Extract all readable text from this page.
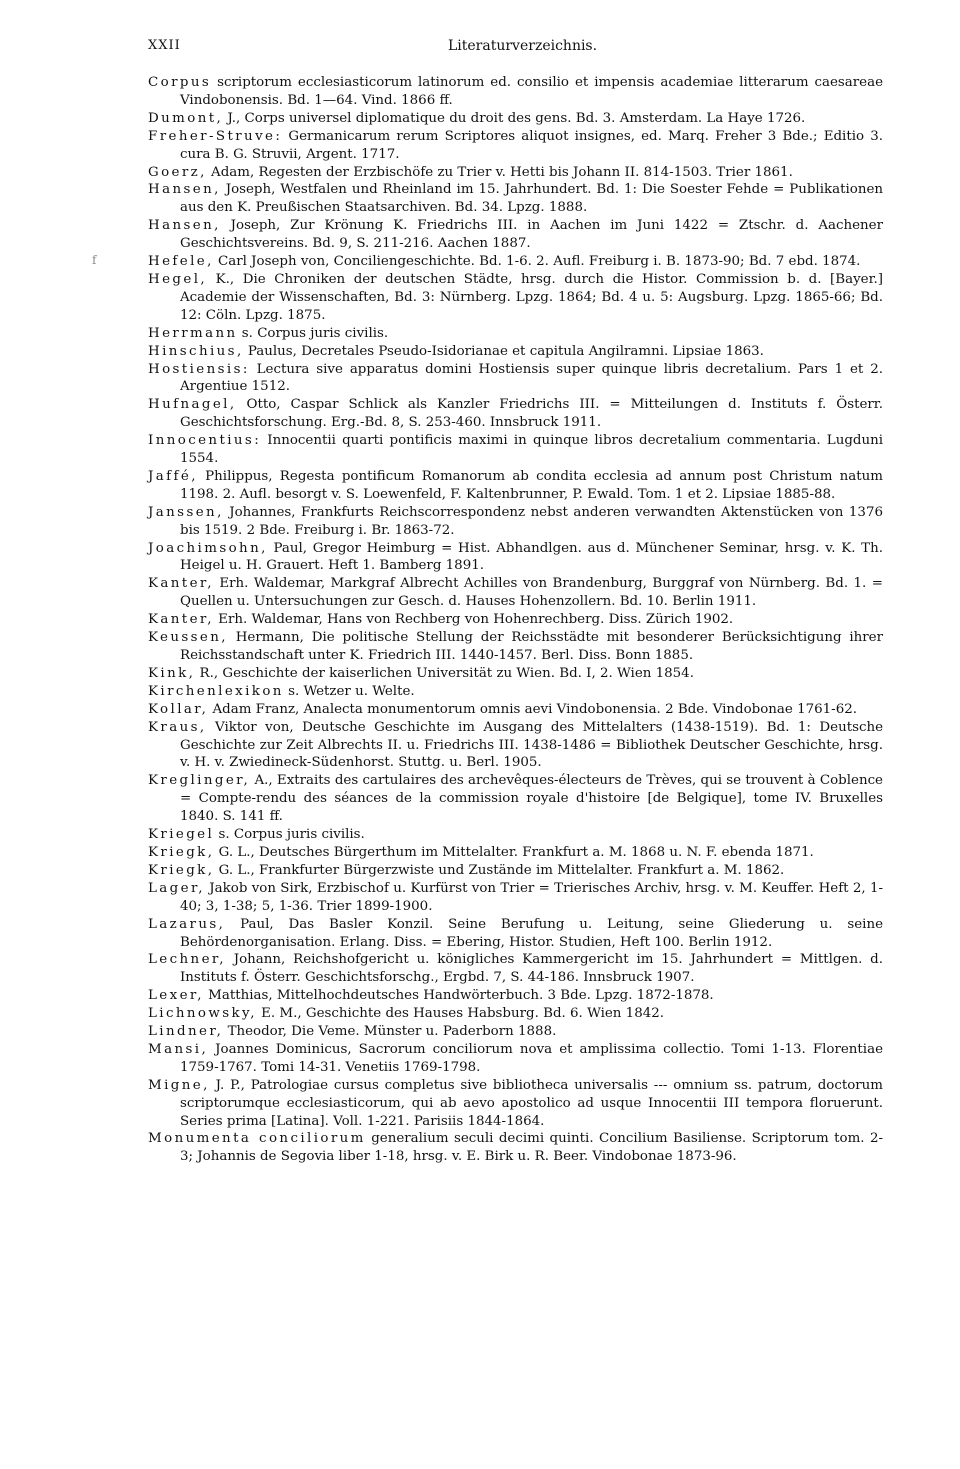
XXII	Literaturverzeichnis.
f
Corpus scriptorum ecclesiasticorum latinorum ed. consilio et impensis academiae litterarum caesareae Vindobonensis. Bd. 1—64. Vind. 1866 ff.
Dumont, J., Corps universel diplomatique du droit des gens. Bd. 3. Amsterdam. La Haye 1726.
Freher-Struve: Germanicarum rerum Scriptores aliquot insignes, ed. Marq. Freher 3 Bde.; Editio 3. cura B. G. Struvii, Argent. 1717.
Goerz, Adam, Regesten der Erzbischöfe zu Trier v. Hetti bis Johann II. 814-1503. Trier 1861.
Hansen, Joseph, Westfalen und Rheinland im 15. Jahrhundert. Bd. 1: Die Soester Fehde = Publikationen aus den K. Preußischen Staatsarchiven. Bd. 34. Lpzg. 1888.
Hansen, Joseph, Zur Krönung K. Friedrichs III. in Aachen im Juni 1422 = Ztschr. d. Aachener Geschichtsvereins. Bd. 9, S. 211-216. Aachen 1887.
Hefele, Carl Joseph von, Conciliengeschichte. Bd. 1-6. 2. Aufl. Freiburg i. B. 1873-90; Bd. 7 ebd. 1874.
Hegel, K., Die Chroniken der deutschen Städte, hrsg. durch die Histor. Commission b. d. [Bayer.] Academie der Wissenschaften, Bd. 3: Nürnberg. Lpzg. 1864; Bd. 4 u. 5: Augsburg. Lpzg. 1865-66; Bd. 12: Cöln. Lpzg. 1875.
Herrmann s. Corpus juris civilis.
Hinschius, Paulus, Decretales Pseudo-Isidorianae et capitula Angilramni. Lipsiae 1863.
Hostiensis: Lectura sive apparatus domini Hostiensis super quinque libris decretalium. Pars 1 et 2. Argentiue 1512.
Hufnagel, Otto, Caspar Schlick als Kanzler Friedrichs III. = Mitteilungen d. Instituts f. Österr. Geschichtsforschung. Erg.-Bd. 8, S. 253-460. Innsbruck 1911.
Innocentius: Innocentii quarti pontificis maximi in quinque libros decretalium commentaria. Lugduni 1554.
Jaffé, Philippus, Regesta pontificum Romanorum ab condita ecclesia ad annum post Christum natum 1198. 2. Aufl. besorgt v. S. Loewenfeld, F. Kaltenbrunner, P. Ewald. Tom. 1 et 2. Lipsiae 1885-88.
Janssen, Johannes, Frankfurts Reichscorrespondenz nebst anderen verwandten Aktenstücken von 1376 bis 1519. 2 Bde. Freiburg i. Br. 1863-72.
Joachimsohn, Paul, Gregor Heimburg = Hist. Abhandlgen. aus d. Münchener Seminar, hrsg. v. K. Th. Heigel u. H. Grauert. Heft 1. Bamberg 1891.
Kanter, Erh. Waldemar, Markgraf Albrecht Achilles von Brandenburg, Burggraf von Nürnberg. Bd. 1. = Quellen u. Untersuchungen zur Gesch. d. Hauses Hohenzollern. Bd. 10. Berlin 1911.
Kanter, Erh. Waldemar, Hans von Rechberg von Hohenrechberg. Diss. Zürich 1902.
Keussen, Hermann, Die politische Stellung der Reichsstädte mit besonderer Berücksichtigung ihrer Reichsstandschaft unter K. Friedrich III. 1440-1457. Berl. Diss. Bonn 1885.
Kink, R., Geschichte der kaiserlichen Universität zu Wien. Bd. I, 2. Wien 1854.
Kirchenlexikon s. Wetzer u. Welte.
Kollar, Adam Franz, Analecta monumentorum omnis aevi Vindobonensia. 2 Bde. Vindobonae 1761-62.
Kraus, Viktor von, Deutsche Geschichte im Ausgang des Mittelalters (1438-1519). Bd. 1: Deutsche Geschichte zur Zeit Albrechts II. u. Friedrichs III. 1438-1486 = Bibliothek Deutscher Geschichte, hrsg. v. H. v. Zwiedineck-Südenhorst. Stuttg. u. Berl. 1905.
Kreglinger, A., Extraits des cartulaires des archevêques-électeurs de Trèves, qui se trouvent à Coblence = Compte-rendu des séances de la commission royale d'histoire [de Belgique], tome IV. Bruxelles 1840. S. 141 ff.
Kriegel s. Corpus juris civilis.
Kriegk, G. L., Deutsches Bürgerthum im Mittelalter. Frankfurt a. M. 1868 u. N. F. ebenda 1871.
Kriegk, G. L., Frankfurter Bürgerzwiste und Zustände im Mittelalter. Frankfurt a. M. 1862.
Lager, Jakob von Sirk, Erzbischof u. Kurfürst von Trier = Trierisches Archiv, hrsg. v. M. Keuffer. Heft 2, 1-40; 3, 1-38; 5, 1-36. Trier 1899-1900.
Lazarus, Paul, Das Basler Konzil. Seine Berufung u. Leitung, seine Gliederung u. seine Behördenorganisation. Erlang. Diss. = Ebering, Histor. Studien, Heft 100. Berlin 1912.
Lechner, Johann, Reichshofgericht u. königliches Kammergericht im 15. Jahrhundert = Mittlgen. d. Instituts f. Österr. Geschichtsforschg., Ergbd. 7, S. 44-186. Innsbruck 1907.
Lexer, Matthias, Mittelhochdeutsches Handwörterbuch. 3 Bde. Lpzg. 1872-1878.
Lichnowsky, E. M., Geschichte des Hauses Habsburg. Bd. 6. Wien 1842.
Lindner, Theodor, Die Veme. Münster u. Paderborn 1888.
Mansi, Joannes Dominicus, Sacrorum conciliorum nova et amplissima collectio. Tomi 1-13. Florentiae 1759-1767. Tomi 14-31. Venetiis 1769-1798.
Migne, J. P., Patrologiae cursus completus sive bibliotheca universalis --- omnium ss. patrum, doctorum scriptorumque ecclesiasticorum, qui ab aevo apostolico ad usque Innocentii III tempora floruerunt. Series prima [Latina]. Voll. 1-221. Parisiis 1844-1864.
Monumenta conciliorum generalium seculi decimi quinti. Concilium Basiliense. Scriptorum tom. 2-3; Johannis de Segovia liber 1-18, hrsg. v. E. Birk u. R. Beer. Vindobonae 1873-96.
